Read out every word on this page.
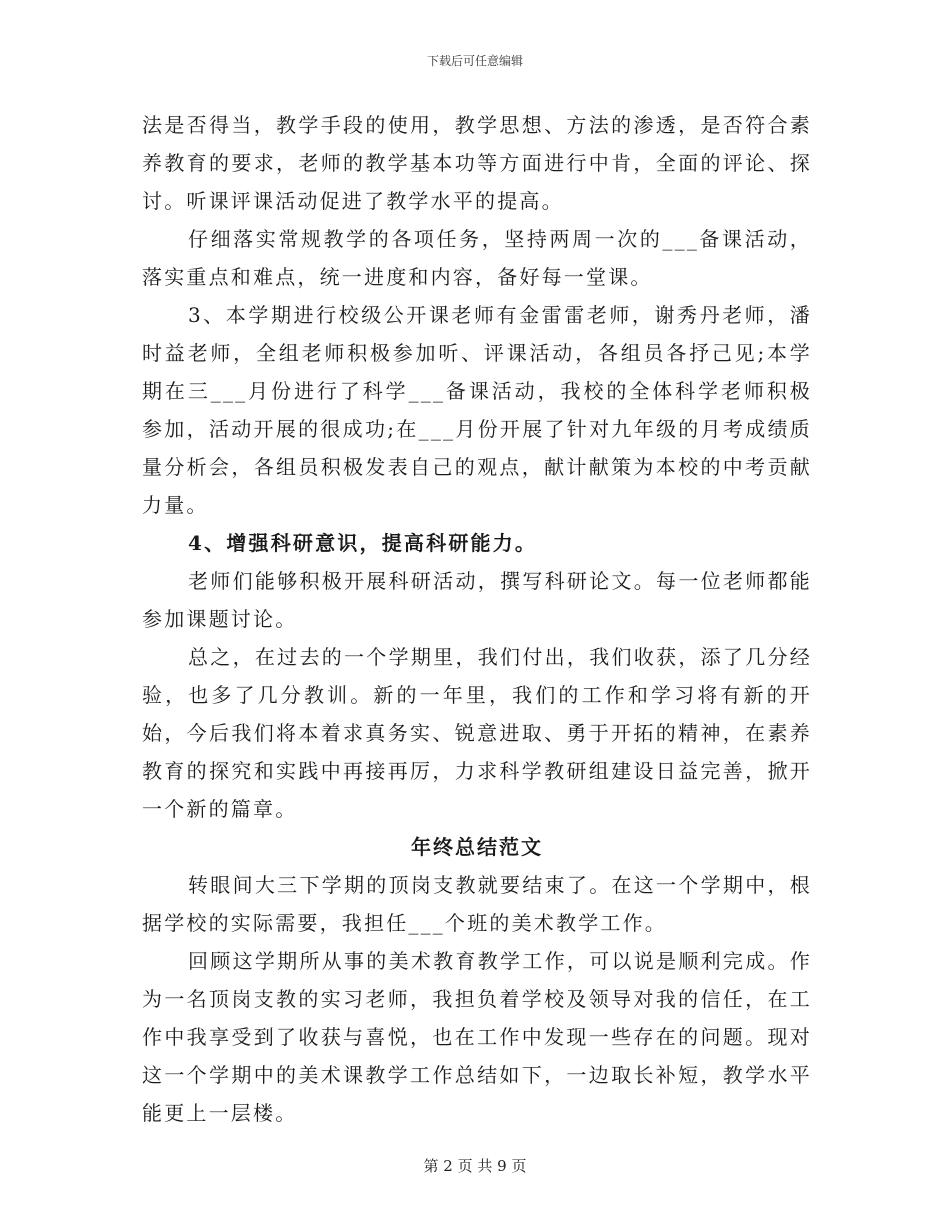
下载后可任意编辑

法是否得当，教学手段的使用，教学思想、方法的渗透，是否符合素养教育的要求，老师的教学基本功等方面进行中肯，全面的评论、探讨。听课评课活动促进了教学水平的提高。

仔细落实常规教学的各项任务，坚持两周一次的___备课活动，落实重点和难点，统一进度和内容，备好每一堂课。

3、本学期进行校级公开课老师有金雷雷老师，谢秀丹老师，潘时益老师，全组老师积极参加听、评课活动，各组员各抒己见;本学期在三___月份进行了科学___备课活动，我校的全体科学老师积极参加，活动开展的很成功;在___月份开展了针对九年级的月考成绩质量分析会，各组员积极发表自己的观点，献计献策为本校的中考贡献力量。

4、增强科研意识，提高科研能力。

老师们能够积极开展科研活动，撰写科研论文。每一位老师都能参加课题讨论。

总之，在过去的一个学期里，我们付出，我们收获，添了几分经验，也多了几分教训。新的一年里，我们的工作和学习将有新的开始，今后我们将本着求真务实、锐意进取、勇于开拓的精神，在素养教育的探究和实践中再接再厉，力求科学教研组建设日益完善，掀开一个新的篇章。

年终总结范文

转眼间大三下学期的顶岗支教就要结束了。在这一个学期中，根据学校的实际需要，我担任___个班的美术教学工作。

回顾这学期所从事的美术教育教学工作，可以说是顺利完成。作为一名顶岗支教的实习老师，我担负着学校及领导对我的信任，在工作中我享受到了收获与喜悦，也在工作中发现一些存在的问题。现对这一个学期中的美术课教学工作总结如下，一边取长补短，教学水平能更上一层楼。

第 2 页 共 9 页
